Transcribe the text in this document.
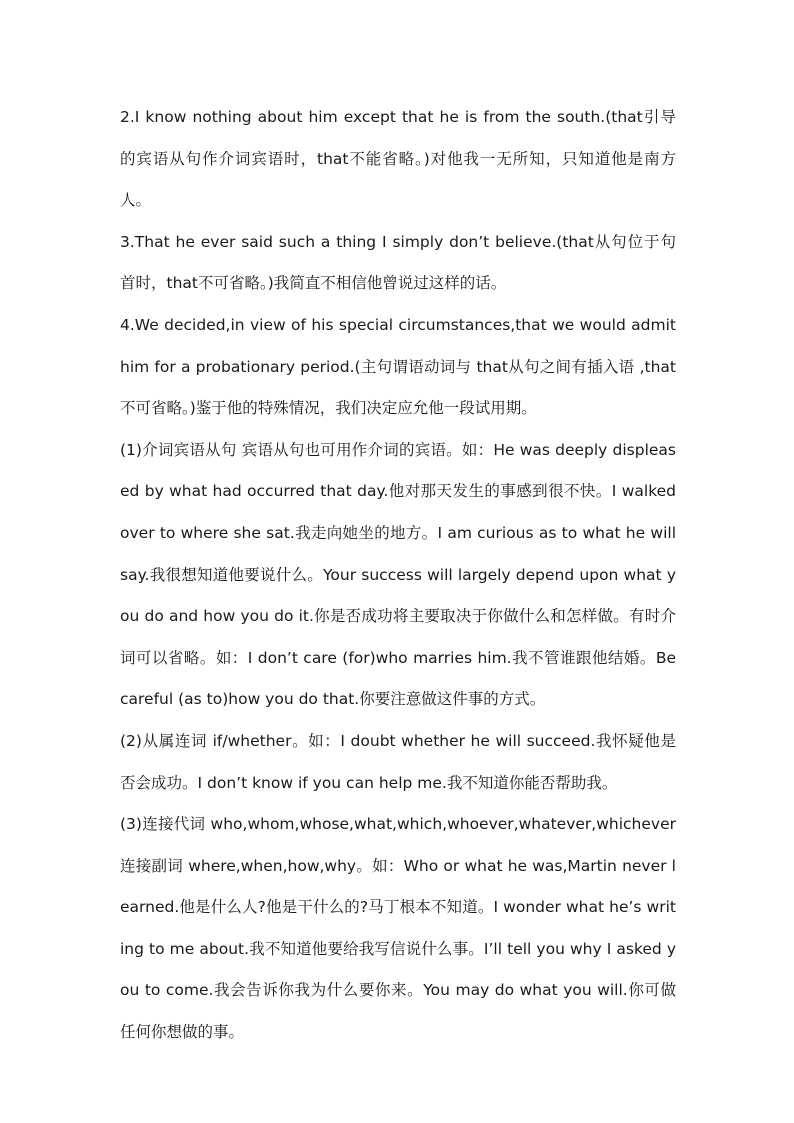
2.I know nothing about him except that he is from the south.(that引导的宾语从句作介词宾语时，that不能省略。)对他我一无所知，只知道他是南方人。

3.That he ever said such a thing I simply don’t believe.(that从句位于句首时，that不可省略。)我简直不相信他曾说过这样的话。

4.We decided,in view of his special circumstances,that we would admit him for a probationary period.(主句谓语动词与 that从句之间有插入语 ,that不可省略。)鉴于他的特殊情况，我们决定应允他一段试用期。

(1)介词宾语从句 宾语从句也可用作介词的宾语。如：He was deeply displeased by what had occurred that day.他对那天发生的事感到很不快。I walked over to where she sat.我走向她坐的地方。I am curious as to what he will say.我很想知道他要说什么。Your success will largely depend upon what you do and how you do it.你是否成功将主要取决于你做什么和怎样做。有时介词可以省略。如：I don’t care (for)who marries him.我不管谁跟他结婚。Be careful (as to)how you do that.你要注意做这件事的方式。

(2)从属连词 if/whether。如：I doubt whether he will succeed.我怀疑他是否会成功。I don’t know if you can help me.我不知道你能否帮助我。

(3)连接代词 who,whom,whose,what,which,whoever,whatever,whichever 连接副词 where,when,how,why。如：Who or what he was,Martin never learned.他是什么人?他是干什么的?马丁根本不知道。I wonder what he’s writing to me about.我不知道他要给我写信说什么事。I’ll tell you why I asked you to come.我会告诉你我为什么要你来。You may do what you will.你可做任何你想做的事。
